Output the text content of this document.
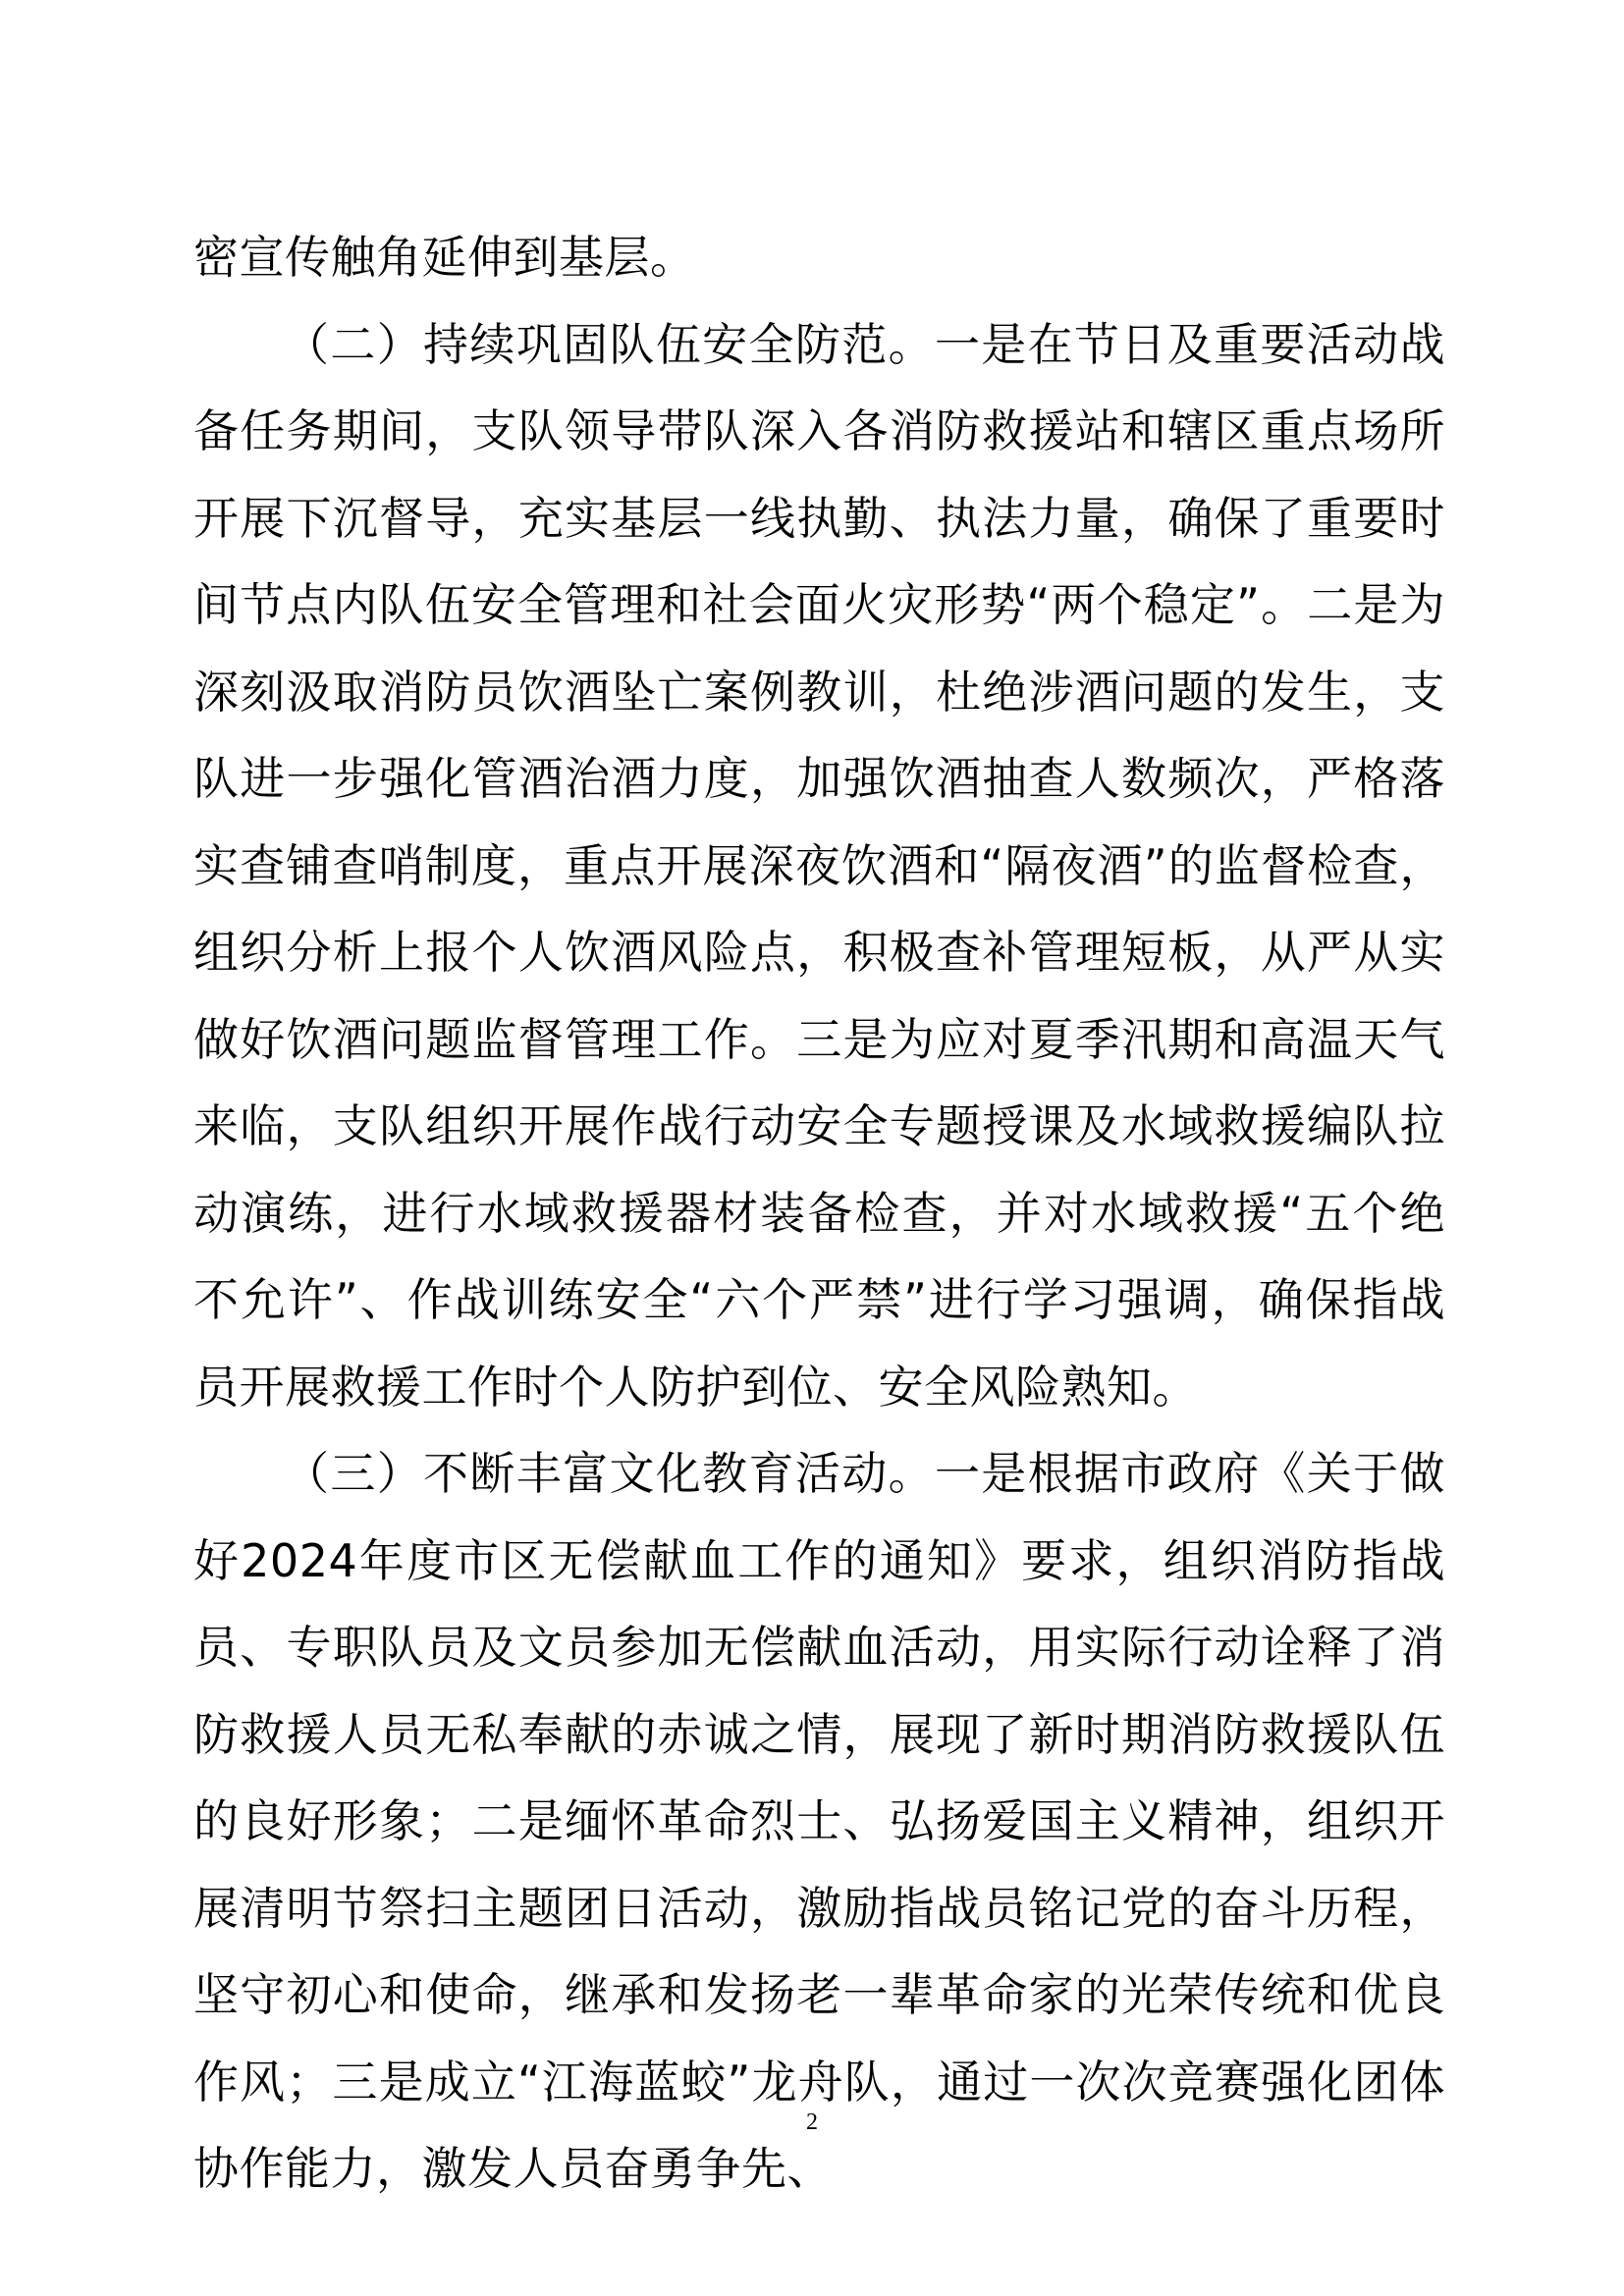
密宣传触角延伸到基层。

（二）持续巩固队伍安全防范。一是在节日及重要活动战备任务期间，支队领导带队深入各消防救援站和辖区重点场所开展下沉督导，充实基层一线执勤、执法力量，确保了重要时间节点内队伍安全管理和社会面火灾形势“两个稳定”。二是为深刻汲取消防员饮酒坠亡案例教训，杜绝涉酒问题的发生，支队进一步强化管酒治酒力度，加强饮酒抽查人数频次，严格落实查铺查哨制度，重点开展深夜饮酒和“隔夜酒”的监督检查，组织分析上报个人饮酒风险点，积极查补管理短板，从严从实做好饮酒问题监督管理工作。三是为应对夏季汛期和高温天气来临，支队组织开展作战行动安全专题授课及水域救援编队拉动演练，进行水域救援器材装备检查，并对水域救援“五个绝不允许”、作战训练安全“六个严禁”进行学习强调，确保指战员开展救援工作时个人防护到位、安全风险熟知。

（三）不断丰富文化教育活动。一是根据市政府《关于做好2024年度市区无偿献血工作的通知》要求，组织消防指战员、专职队员及文员参加无偿献血活动，用实际行动诠释了消防救援人员无私奉献的赤诚之情，展现了新时期消防救援队伍的良好形象；二是缅怀革命烈士、弘扬爱国主义精神，组织开展清明节祭扫主题团日活动，激励指战员铭记党的奋斗历程，坚守初心和使命，继承和发扬老一辈革命家的光荣传统和优良作风；三是成立“江海蓝蛟”龙舟队，通过一次次竞赛强化团体协作能力，激发人员奋勇争先、

2
